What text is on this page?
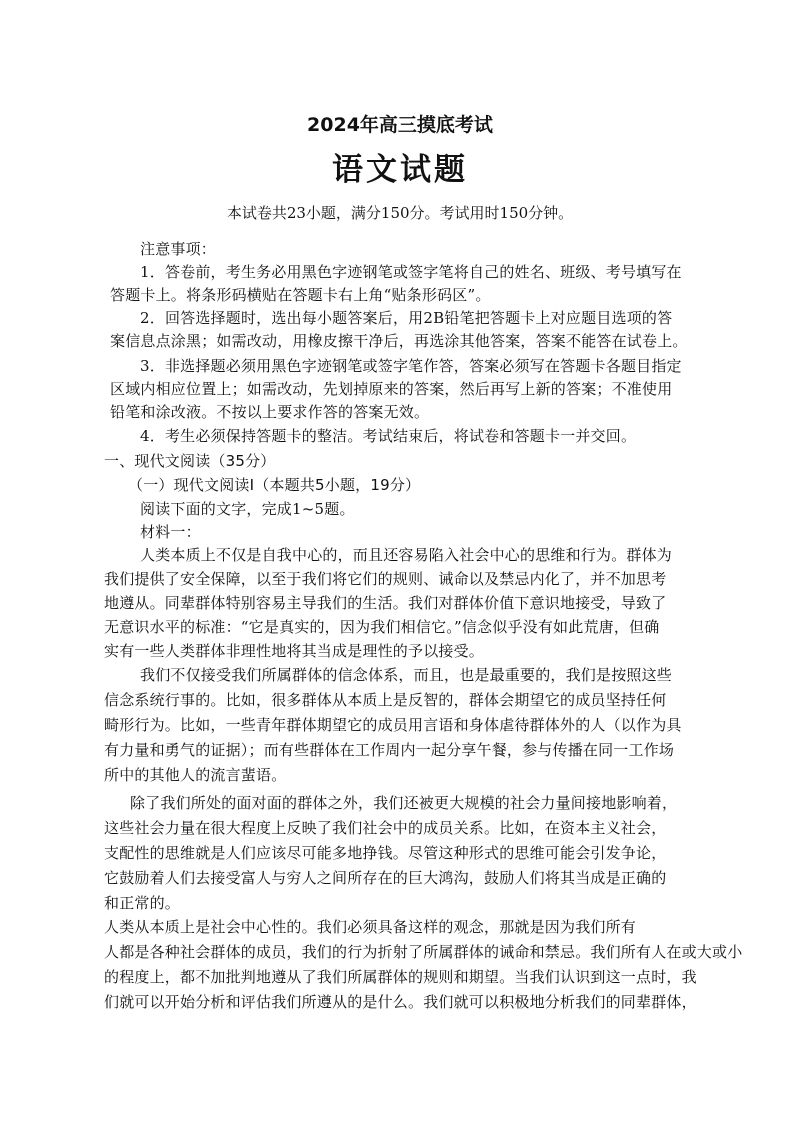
2024年高三摸底考试
语文试题
本试卷共23小题，满分150分。考试用时150分钟。
注意事项：
1．答卷前，考生务必用黑色字迹钢笔或签字笔将自己的姓名、班级、考号填写在
答题卡上。将条形码横贴在答题卡右上角“贴条形码区”。
2．回答选择题时，选出每小题答案后，用2B铅笔把答题卡上对应题目选项的答
案信息点涂黑；如需改动，用橡皮擦干净后，再选涂其他答案，答案不能答在试卷上。
3．非选择题必须用黑色字迹钢笔或签字笔作答，答案必须写在答题卡各题目指定
区域内相应位置上；如需改动，先划掉原来的答案，然后再写上新的答案；不准使用
铅笔和涂改液。不按以上要求作答的答案无效。
4．考生必须保持答题卡的整洁。考试结束后，将试卷和答题卡一并交回。
一、现代文阅读（35分）
（一）现代文阅读Ⅰ（本题共5小题，19分）
阅读下面的文字，完成1~5题。
材料一：
人类本质上不仅是自我中心的，而且还容易陷入社会中心的思维和行为。群体为
我们提供了安全保障，以至于我们将它们的规则、诫命以及禁忌内化了，并不加思考
地遵从。同辈群体特别容易主导我们的生活。我们对群体价值下意识地接受，导致了
无意识水平的标准：“它是真实的，因为我们相信它。”信念似乎没有如此荒唐，但确
实有一些人类群体非理性地将其当成是理性的予以接受。
我们不仅接受我们所属群体的信念体系，而且，也是最重要的，我们是按照这些
信念系统行事的。比如，很多群体从本质上是反智的，群体会期望它的成员坚持任何
畸形行为。比如，一些青年群体期望它的成员用言语和身体虐待群体外的人（以作为具
有力量和勇气的证据）；而有些群体在工作周内一起分享午餐，参与传播在同一工作场
所中的其他人的流言蜚语。
除了我们所处的面对面的群体之外，我们还被更大规模的社会力量间接地影响着，
这些社会力量在很大程度上反映了我们社会中的成员关系。比如，在资本主义社会，
支配性的思维就是人们应该尽可能多地挣钱。尽管这种形式的思维可能会引发争论，
它鼓励着人们去接受富人与穷人之间所存在的巨大鸿沟，鼓励人们将其当成是正确的
和正常的。
人类从本质上是社会中心性的。我们必须具备这样的观念，那就是因为我们所有
人都是各种社会群体的成员，我们的行为折射了所属群体的诫命和禁忌。我们所有人在或大或小
的程度上，都不加批判地遵从了我们所属群体的规则和期望。当我们认识到这一点时，我
们就可以开始分析和评估我们所遵从的是什么。我们就可以积极地分析我们的同辈群体，
